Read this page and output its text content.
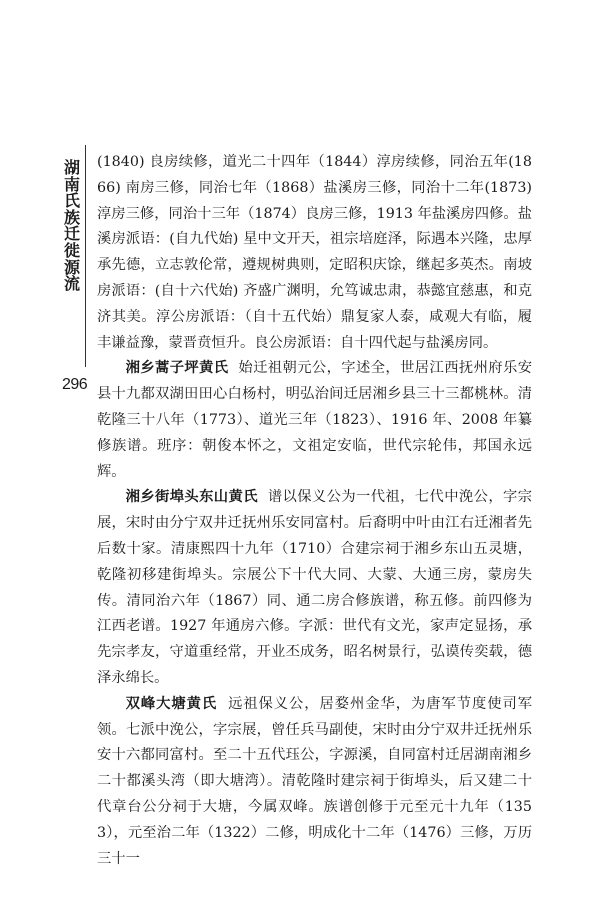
湖南氏族迁徙源流
296

(1840) 良房续修，道光二十四年（1844）淳房续修，同治五年(1866) 南房三修，同治七年（1868）盐溪房三修，同治十二年(1873) 淳房三修，同治十三年（1874）良房三修，1913 年盐溪房四修。盐溪房派语：(自九代始) 星中文开天，祖宗培庭泽，际遇本兴隆，忠厚承先德，立志敦伦常，遵规树典则，定昭积庆馀，继起多英杰。南坡房派语：(自十六代始) 齐盛广渊明，允笃诚忠肃，恭懿宜慈惠，和克济其美。淳公房派语：（自十五代始）鼎复家人泰，咸观大有临，履丰谦益豫，蒙晋贲恒升。良公房派语：自十四代起与盐溪房同。

湘乡蒿子坪黄氏 始迁祖朝元公，字述全，世居江西抚州府乐安县十九都双湖田田心白杨村，明弘治间迁居湘乡县三十三都桃林。清乾隆三十八年（1773）、道光三年（1823）、1916 年、2008 年纂修族谱。班序：朝俊本怀之，文祖定安临，世代宗轮伟，邦国永远辉。

湘乡街埠头东山黄氏 谱以保义公为一代祖，七代中浼公，字宗展，宋时由分宁双井迁抚州乐安同富村。后裔明中叶由江右迁湘者先后数十家。清康熙四十九年（1710）合建宗祠于湘乡东山五灵塘，乾隆初移建街埠头。宗展公下十代大同、大蒙、大通三房，蒙房失传。清同治六年（1867）同、通二房合修族谱，称五修。前四修为江西老谱。1927 年通房六修。字派：世代有文光，家声定显扬，承先宗孝友，守道重经常，开业丕成务，昭名树景行，弘谟传奕载，德泽永绵长。

双峰大塘黄氏 远祖保义公，居婺州金华，为唐军节度使司军领。七派中浼公，字宗展，曾任兵马副使，宋时由分宁双井迁抚州乐安十六都同富村。至二十五代珏公，字源溪，自同富村迁居湖南湘乡二十都溪头湾（即大塘湾）。清乾隆时建宗祠于街埠头，后又建二十代章台公分祠于大塘，今属双峰。族谱创修于元至元十九年（1353），元至治二年（1322）二修，明成化十二年（1476）三修，万历三十一
